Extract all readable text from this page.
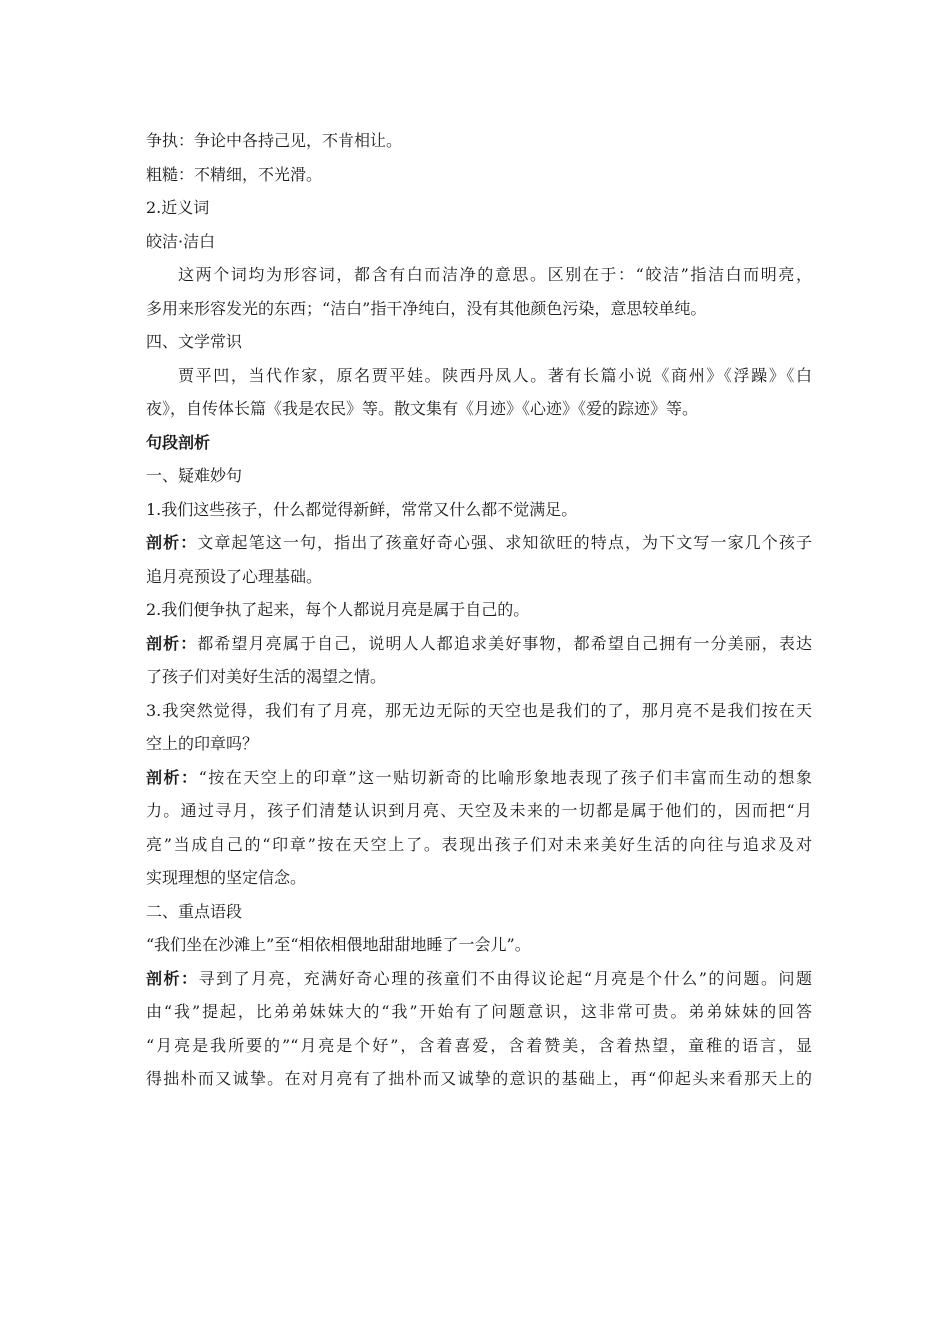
争执：争论中各持己见，不肯相让。
粗糙：不精细，不光滑。
2.近义词
皎洁·洁白
这两个词均为形容词，都含有白而洁净的意思。区别在于：“皎洁”指洁白而明亮，
多用来形容发光的东西；“洁白”指干净纯白，没有其他颜色污染，意思较单纯。
四、文学常识
贾平凹，当代作家，原名贾平娃。陕西丹凤人。著有长篇小说《商州》《浮躁》《白
夜》，自传体长篇《我是农民》等。散文集有《月迹》《心迹》《爱的踪迹》等。
句段剖析
一、疑难妙句
1.我们这些孩子，什么都觉得新鲜，常常又什么都不觉满足。
剖析：文章起笔这一句，指出了孩童好奇心强、求知欲旺的特点，为下文写一家几个孩子
追月亮预设了心理基础。
2.我们便争执了起来，每个人都说月亮是属于自己的。
剖析：都希望月亮属于自己，说明人人都追求美好事物，都希望自己拥有一分美丽，表达
了孩子们对美好生活的渴望之情。
3.我突然觉得，我们有了月亮，那无边无际的天空也是我们的了，那月亮不是我们按在天
空上的印章吗？
剖析：“按在天空上的印章”这一贴切新奇的比喻形象地表现了孩子们丰富而生动的想象
力。通过寻月，孩子们清楚认识到月亮、天空及未来的一切都是属于他们的，因而把“月
亮”当成自己的“印章”按在天空上了。表现出孩子们对未来美好生活的向往与追求及对
实现理想的坚定信念。
二、重点语段
“我们坐在沙滩上”至“相依相偎地甜甜地睡了一会儿”。
剖析：寻到了月亮，充满好奇心理的孩童们不由得议论起“月亮是个什么”的问题。问题
由“我”提起，比弟弟妹妹大的“我”开始有了问题意识，这非常可贵。弟弟妹妹的回答
“月亮是我所要的”“月亮是个好”，含着喜爱，含着赞美，含着热望，童稚的语言，显
得拙朴而又诚挚。在对月亮有了拙朴而又诚挚的意识的基础上，再“仰起头来看那天上的
